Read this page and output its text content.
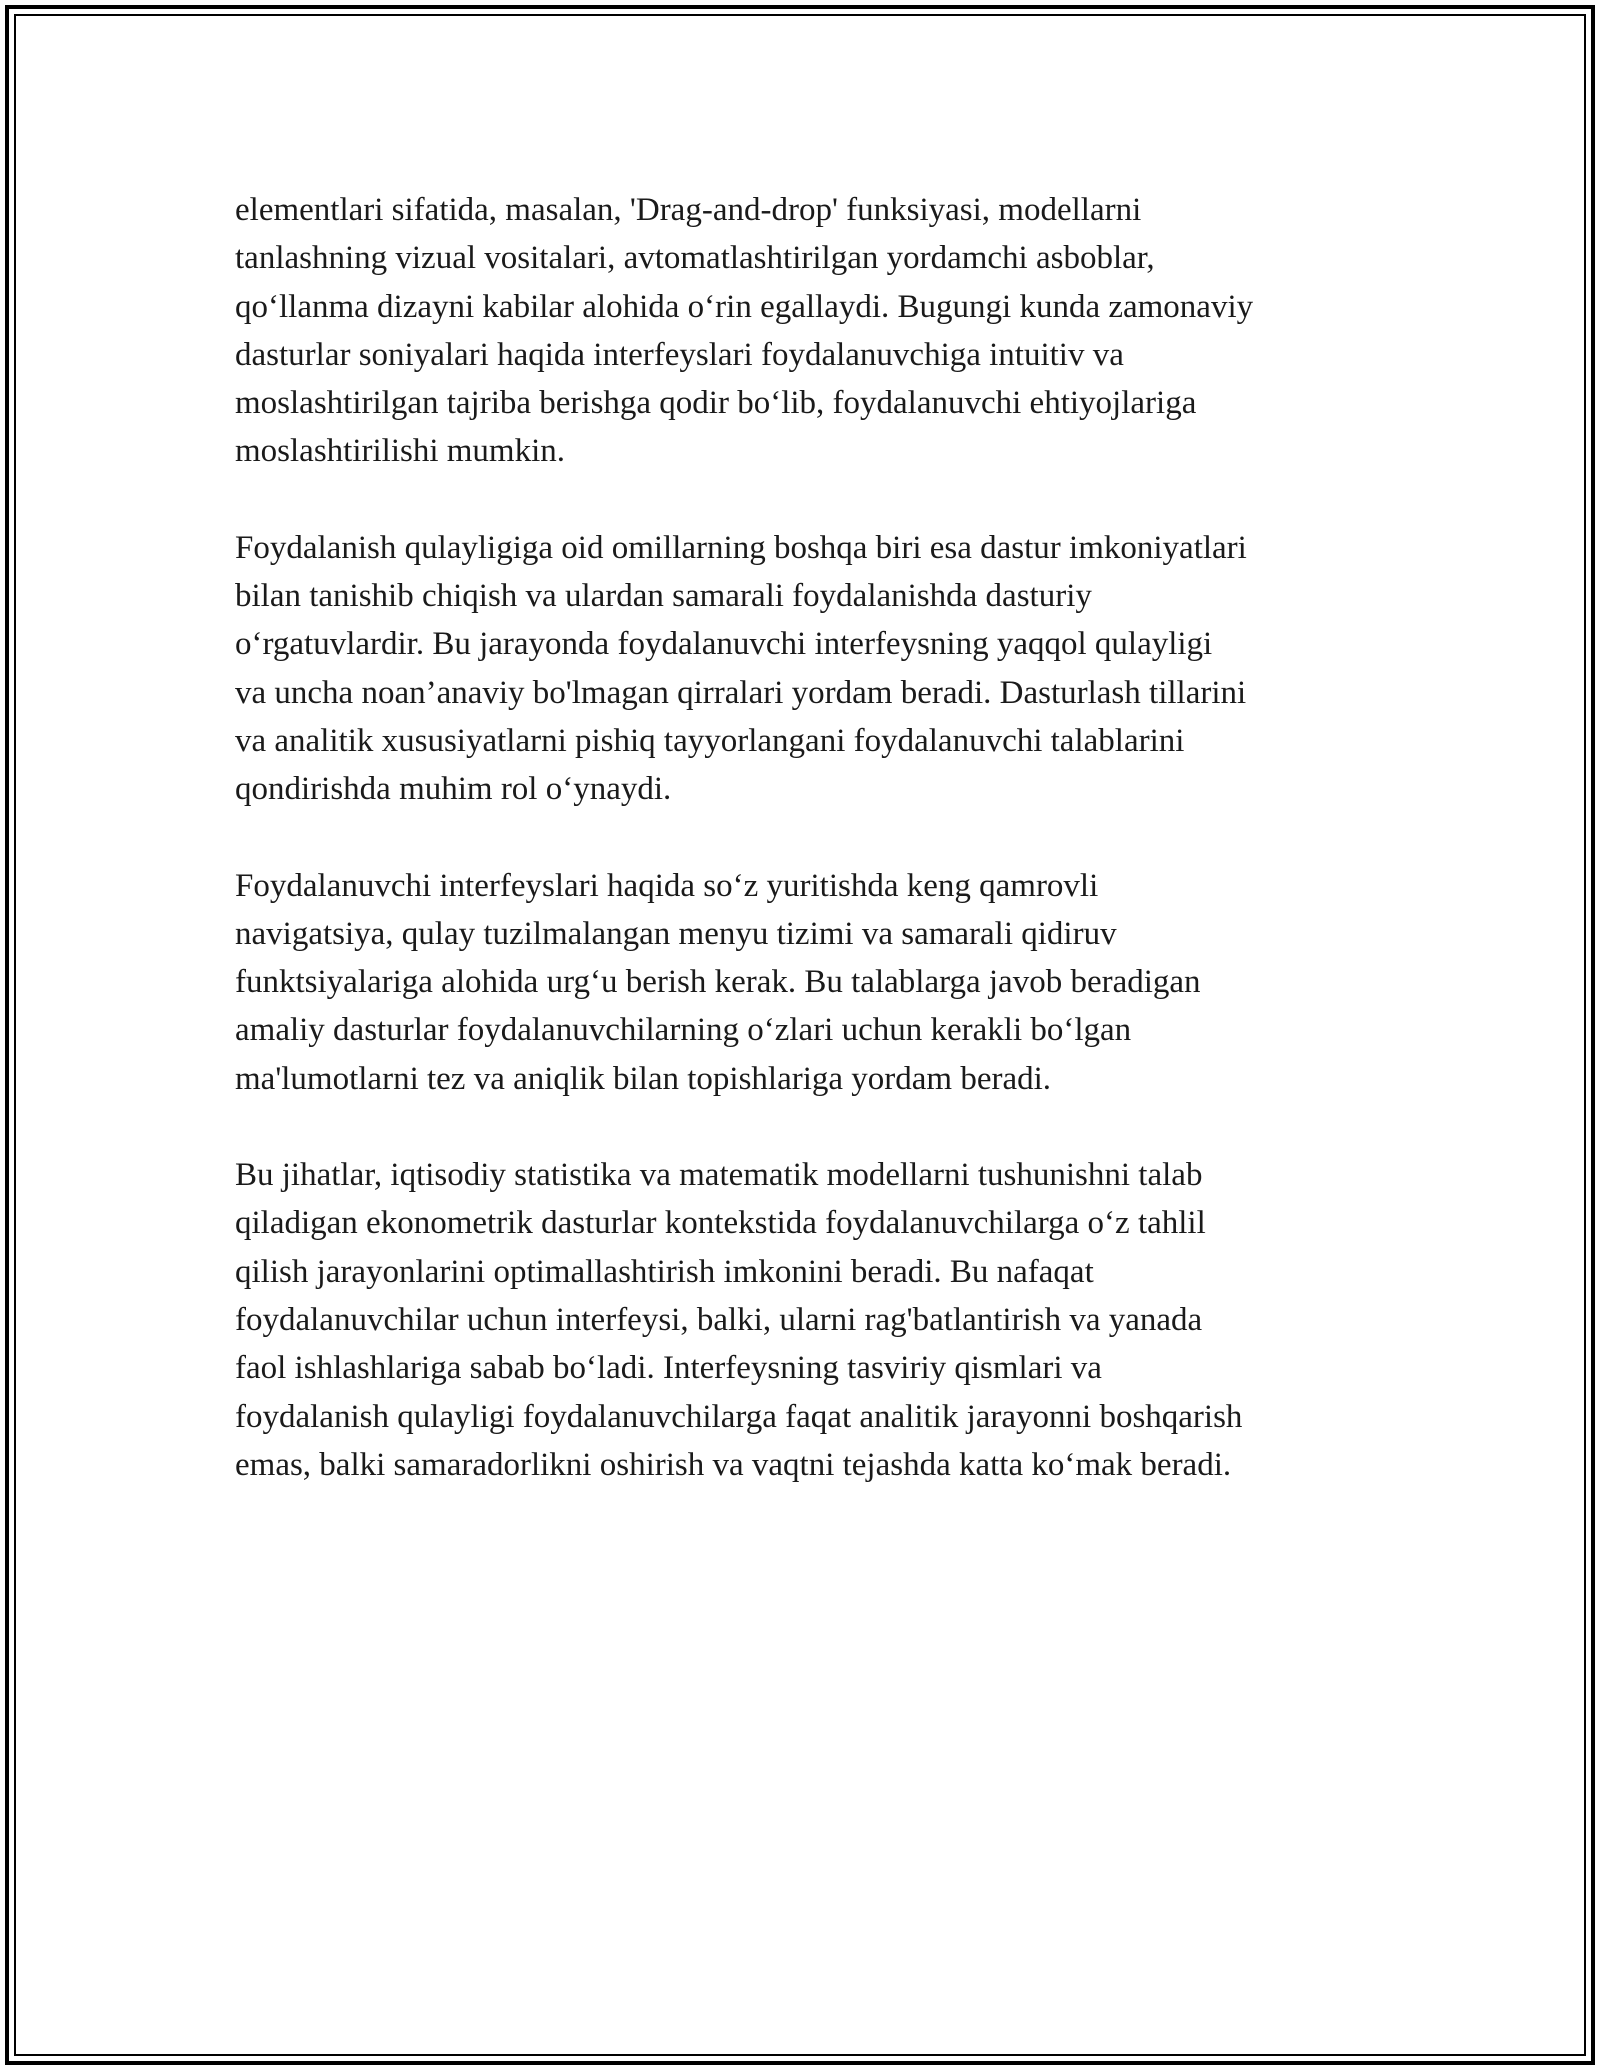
elementlari sifatida, masalan, 'Drag-and-drop' funksiyasi, modellarni
tanlashning vizual vositalari, avtomatlashtirilgan yordamchi asboblar,
qo‘llanma dizayni kabilar alohida o‘rin egallaydi. Bugungi kunda zamonaviy
dasturlar soniyalari haqida interfeyslari foydalanuvchiga intuitiv va
moslashtirilgan tajriba berishga qodir bo‘lib, foydalanuvchi ehtiyojlariga
moslashtirilishi mumkin.

Foydalanish qulayligiga oid omillarning boshqa biri esa dastur imkoniyatlari
bilan tanishib chiqish va ulardan samarali foydalanishda dasturiy
o‘rgatuvlardir. Bu jarayonda foydalanuvchi interfeysning yaqqol qulayligi
va uncha noan’anaviy bo'lmagan qirralari yordam beradi. Dasturlash tillarini
va analitik xususiyatlarni pishiq tayyorlangani foydalanuvchi talablarini
qondirishda muhim rol o‘ynaydi.

Foydalanuvchi interfeyslari haqida so‘z yuritishda keng qamrovli
navigatsiya, qulay tuzilmalangan menyu tizimi va samarali qidiruv
funktsiyalariga alohida urg‘u berish kerak. Bu talablarga javob beradigan
amaliy dasturlar foydalanuvchilarning o‘zlari uchun kerakli bo‘lgan
ma'lumotlarni tez va aniqlik bilan topishlariga yordam beradi.

Bu jihatlar, iqtisodiy statistika va matematik modellarni tushunishni talab
qiladigan ekonometrik dasturlar kontekstida foydalanuvchilarga o‘z tahlil
qilish jarayonlarini optimallashtirish imkonini beradi. Bu nafaqat
foydalanuvchilar uchun interfeysi, balki, ularni rag'batlantirish va yanada
faol ishlashlariga sabab bo‘ladi. Interfeysning tasviriy qismlari va
foydalanish qulayligi foydalanuvchilarga faqat analitik jarayonni boshqarish
emas, balki samaradorlikni oshirish va vaqtni tejashda katta ko‘mak beradi.
